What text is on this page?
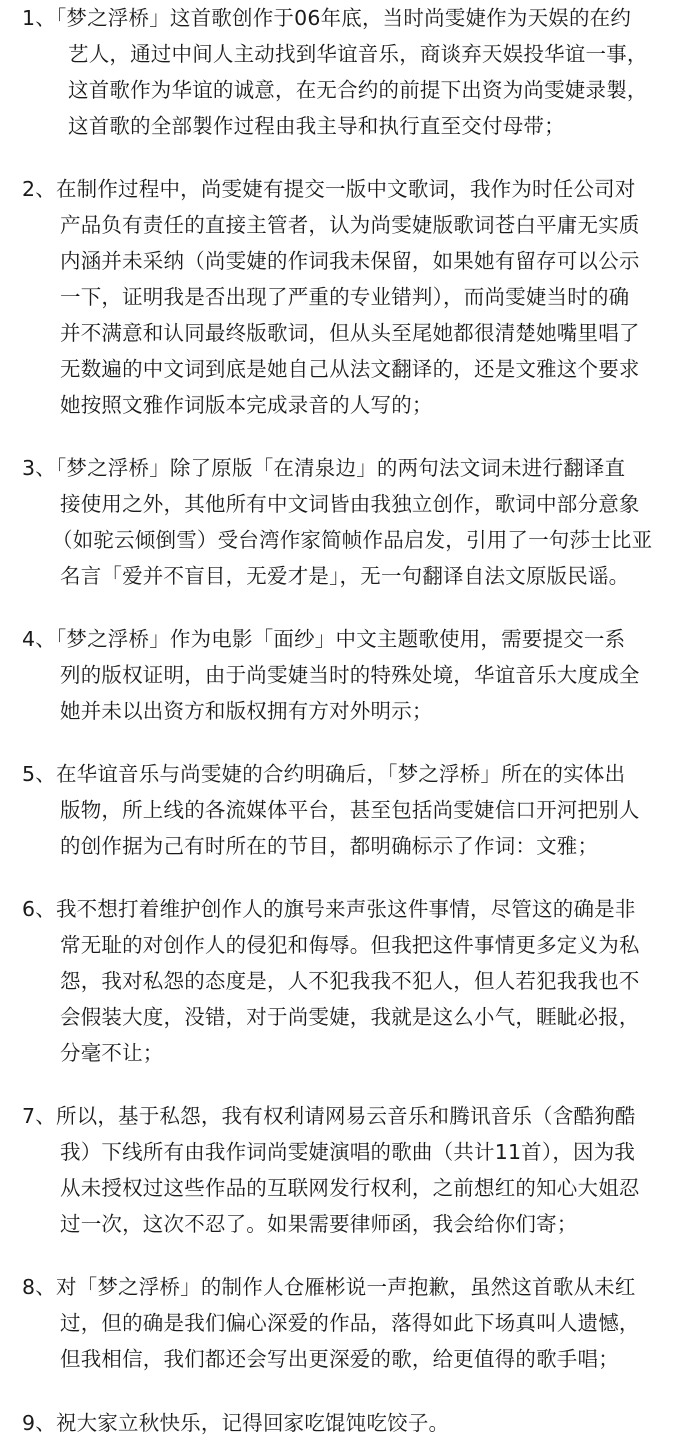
1、「梦之浮桥」这首歌创作于06年底，当时尚雯婕作为天娱的在约
艺人，通过中间人主动找到华谊音乐，商谈弃天娱投华谊一事，
这首歌作为华谊的诚意，在无合约的前提下出资为尚雯婕录製，
这首歌的全部製作过程由我主导和执行直至交付母带；
2、在制作过程中，尚雯婕有提交一版中文歌词，我作为时任公司对
产品负有责任的直接主管者，认为尚雯婕版歌词苍白平庸无实质
内涵并未采纳（尚雯婕的作词我未保留，如果她有留存可以公示
一下，证明我是否出现了严重的专业错判），而尚雯婕当时的确
并不满意和认同最终版歌词，但从头至尾她都很清楚她嘴里唱了
无数遍的中文词到底是她自己从法文翻译的，还是文雅这个要求
她按照文雅作词版本完成录音的人写的；
3、「梦之浮桥」除了原版「在清泉边」的两句法文词未进行翻译直
接使用之外，其他所有中文词皆由我独立创作，歌词中部分意象
（如驼云倾倒雪）受台湾作家简帧作品启发，引用了一句莎士比亚
名言「爱并不盲目，无爱才是」，无一句翻译自法文原版民谣。
4、「梦之浮桥」作为电影「面纱」中文主题歌使用，需要提交一系
列的版权证明，由于尚雯婕当时的特殊处境，华谊音乐大度成全
她并未以出资方和版权拥有方对外明示；
5、在华谊音乐与尚雯婕的合约明确后，「梦之浮桥」所在的实体出
版物，所上线的各流媒体平台，甚至包括尚雯婕信口开河把别人
的创作据为己有时所在的节目，都明确标示了作词：文雅；
6、我不想打着维护创作人的旗号来声张这件事情，尽管这的确是非
常无耻的对创作人的侵犯和侮辱。但我把这件事情更多定义为私
怨，我对私怨的态度是，人不犯我我不犯人，但人若犯我我也不
会假装大度，没错，对于尚雯婕，我就是这么小气，睚眦必报，
分毫不让；
7、所以，基于私怨，我有权利请网易云音乐和腾讯音乐（含酷狗酷
我）下线所有由我作词尚雯婕演唱的歌曲（共计11首），因为我
从未授权过这些作品的互联网发行权利，之前想红的知心大姐忍
过一次，这次不忍了。如果需要律师函，我会给你们寄；
8、对「梦之浮桥」的制作人仓雁彬说一声抱歉，虽然这首歌从未红
过，但的确是我们偏心深爱的作品，落得如此下场真叫人遗憾，
但我相信，我们都还会写出更深爱的歌，给更值得的歌手唱；
9、祝大家立秋快乐，记得回家吃馄饨吃饺子。
